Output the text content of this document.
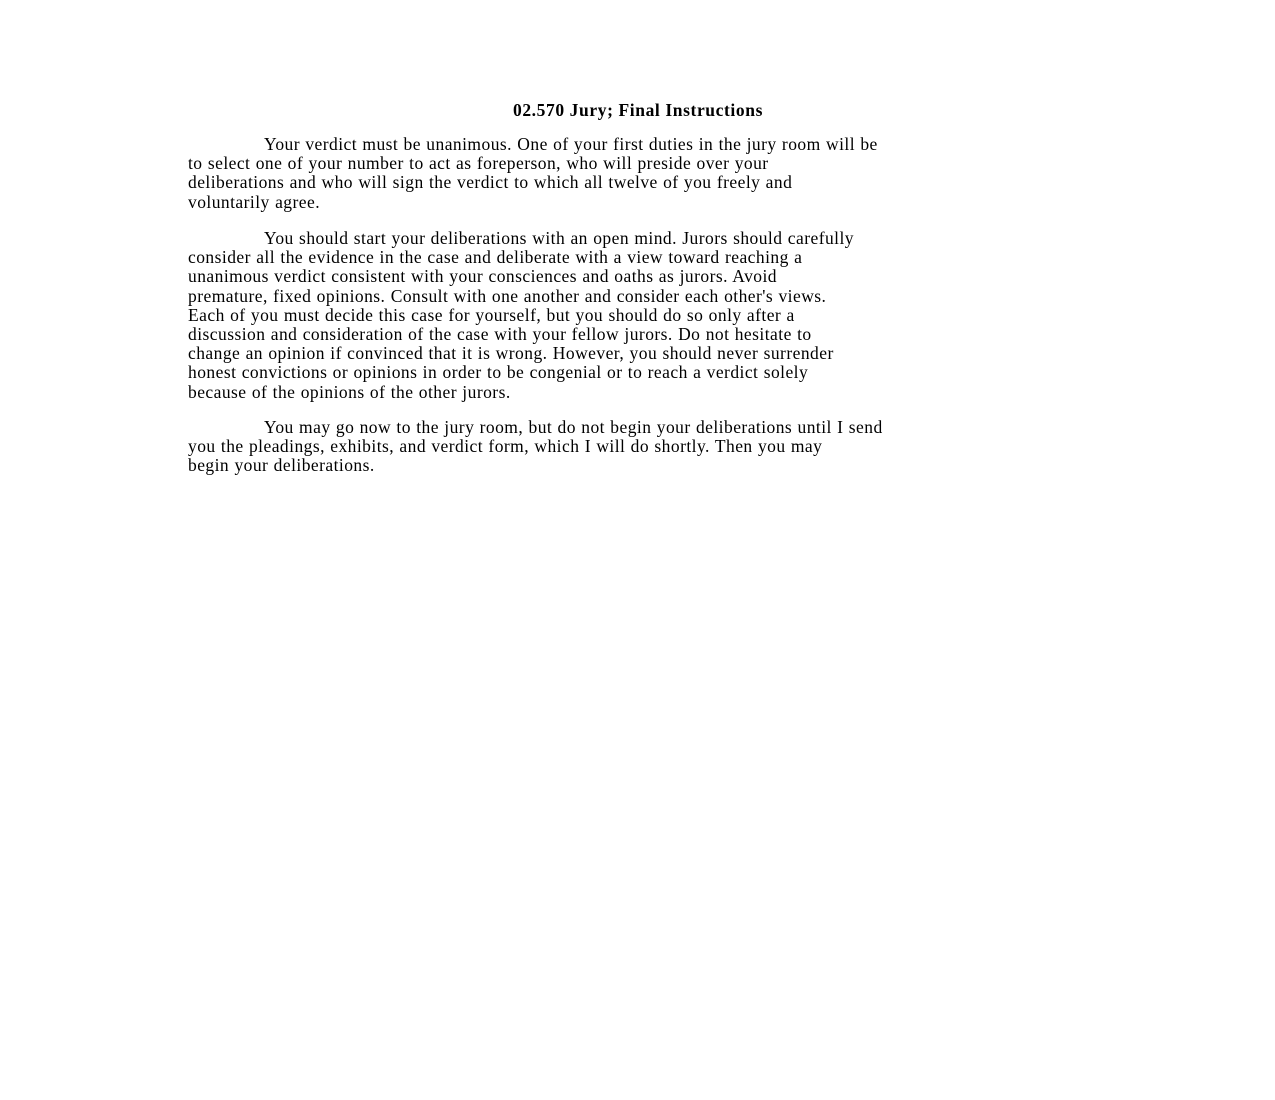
02.570 Jury; Final Instructions
Your verdict must be unanimous. One of your first duties in the jury room will be
to select one of your number to act as foreperson, who will preside over your
deliberations and who will sign the verdict to which all twelve of you freely and
voluntarily agree.
You should start your deliberations with an open mind. Jurors should carefully
consider all the evidence in the case and deliberate with a view toward reaching a
unanimous verdict consistent with your consciences and oaths as jurors. Avoid
premature, fixed opinions. Consult with one another and consider each other's views.
Each of you must decide this case for yourself, but you should do so only after a
discussion and consideration of the case with your fellow jurors. Do not hesitate to
change an opinion if convinced that it is wrong. However, you should never surrender
honest convictions or opinions in order to be congenial or to reach a verdict solely
because of the opinions of the other jurors.
You may go now to the jury room, but do not begin your deliberations until I send
you the pleadings, exhibits, and verdict form, which I will do shortly. Then you may
begin your deliberations.
